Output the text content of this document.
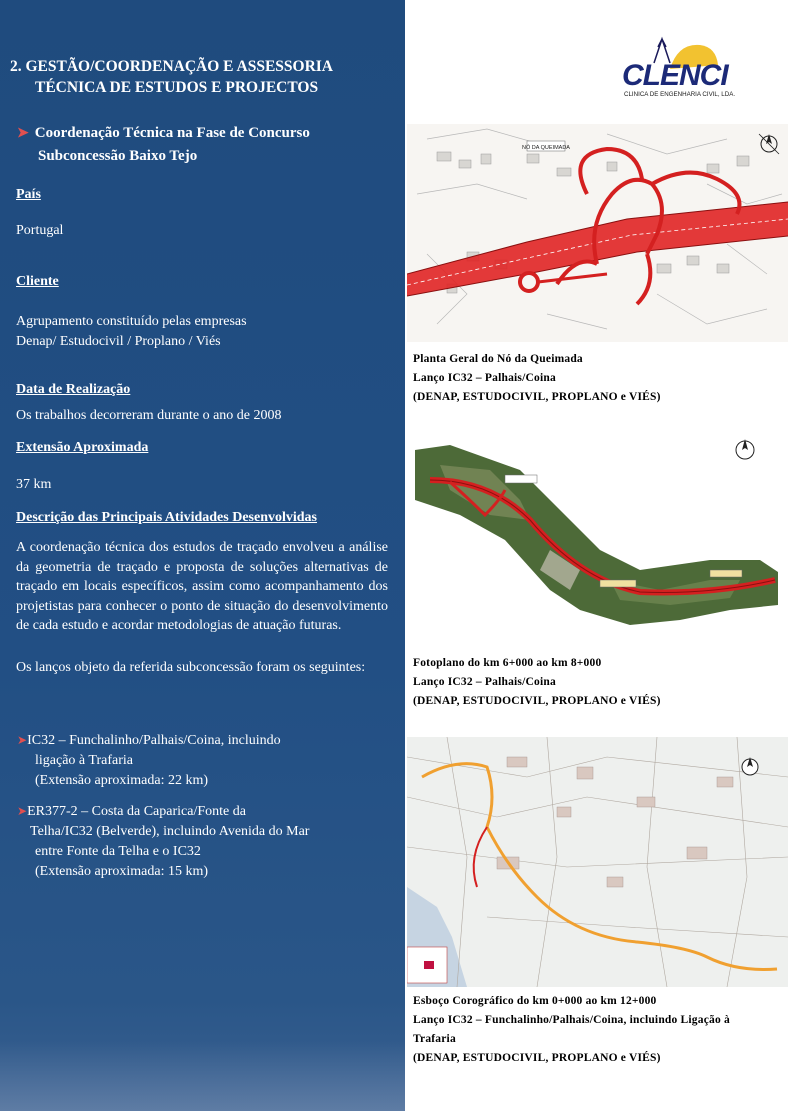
2. GESTÃO/COORDENAÇÃO E ASSESSORIA
TÉCNICA DE ESTUDOS E PROJECTOS
➤ Coordenação Técnica na Fase de Concurso
Subconcessão Baixo Tejo
País
Portugal
Cliente
Agrupamento constituído pelas empresas
Denap/ Estudocivil / Proplano / Viés
Data de Realização
Os trabalhos decorreram durante o ano de 2008
Extensão Aproximada
37 km
Descrição das Principais Atividades Desenvolvidas
A coordenação técnica dos estudos de traçado envolveu a análise da geometria de traçado e proposta de soluções alternativas de traçado em locais específicos, assim como acompanhamento dos projetistas para conhecer o ponto de situação do desenvolvimento de cada estudo e acordar metodologias de atuação futuras.
Os lanços objeto da referida subconcessão foram os seguintes:
➤IC32 – Funchalinho/Palhais/Coina, incluindo
ligação à Trafaria
(Extensão aproximada: 22 km)
➤ER377-2 – Costa da Caparica/Fonte da
Telha/IC32 (Belverde), incluindo Avenida do Mar
entre Fonte da Telha e o IC32
(Extensão aproximada: 15 km)
CLENCI
CLINICA DE ENGENHARIA CIVIL, LDA.
NÓ DA QUEIMADA
Planta Geral do Nó da Queimada
Lanço IC32 – Palhais/Coina
(DENAP, ESTUDOCIVIL, PROPLANO e VIÉS)
Fotoplano do km 6+000 ao km 8+000
Lanço IC32 – Palhais/Coina
(DENAP, ESTUDOCIVIL, PROPLANO e VIÉS)
Esboço Corográfico do km 0+000 ao km 12+000
Lanço IC32 – Funchalinho/Palhais/Coina, incluindo Ligação à
Trafaria
(DENAP, ESTUDOCIVIL, PROPLANO e VIÉS)
